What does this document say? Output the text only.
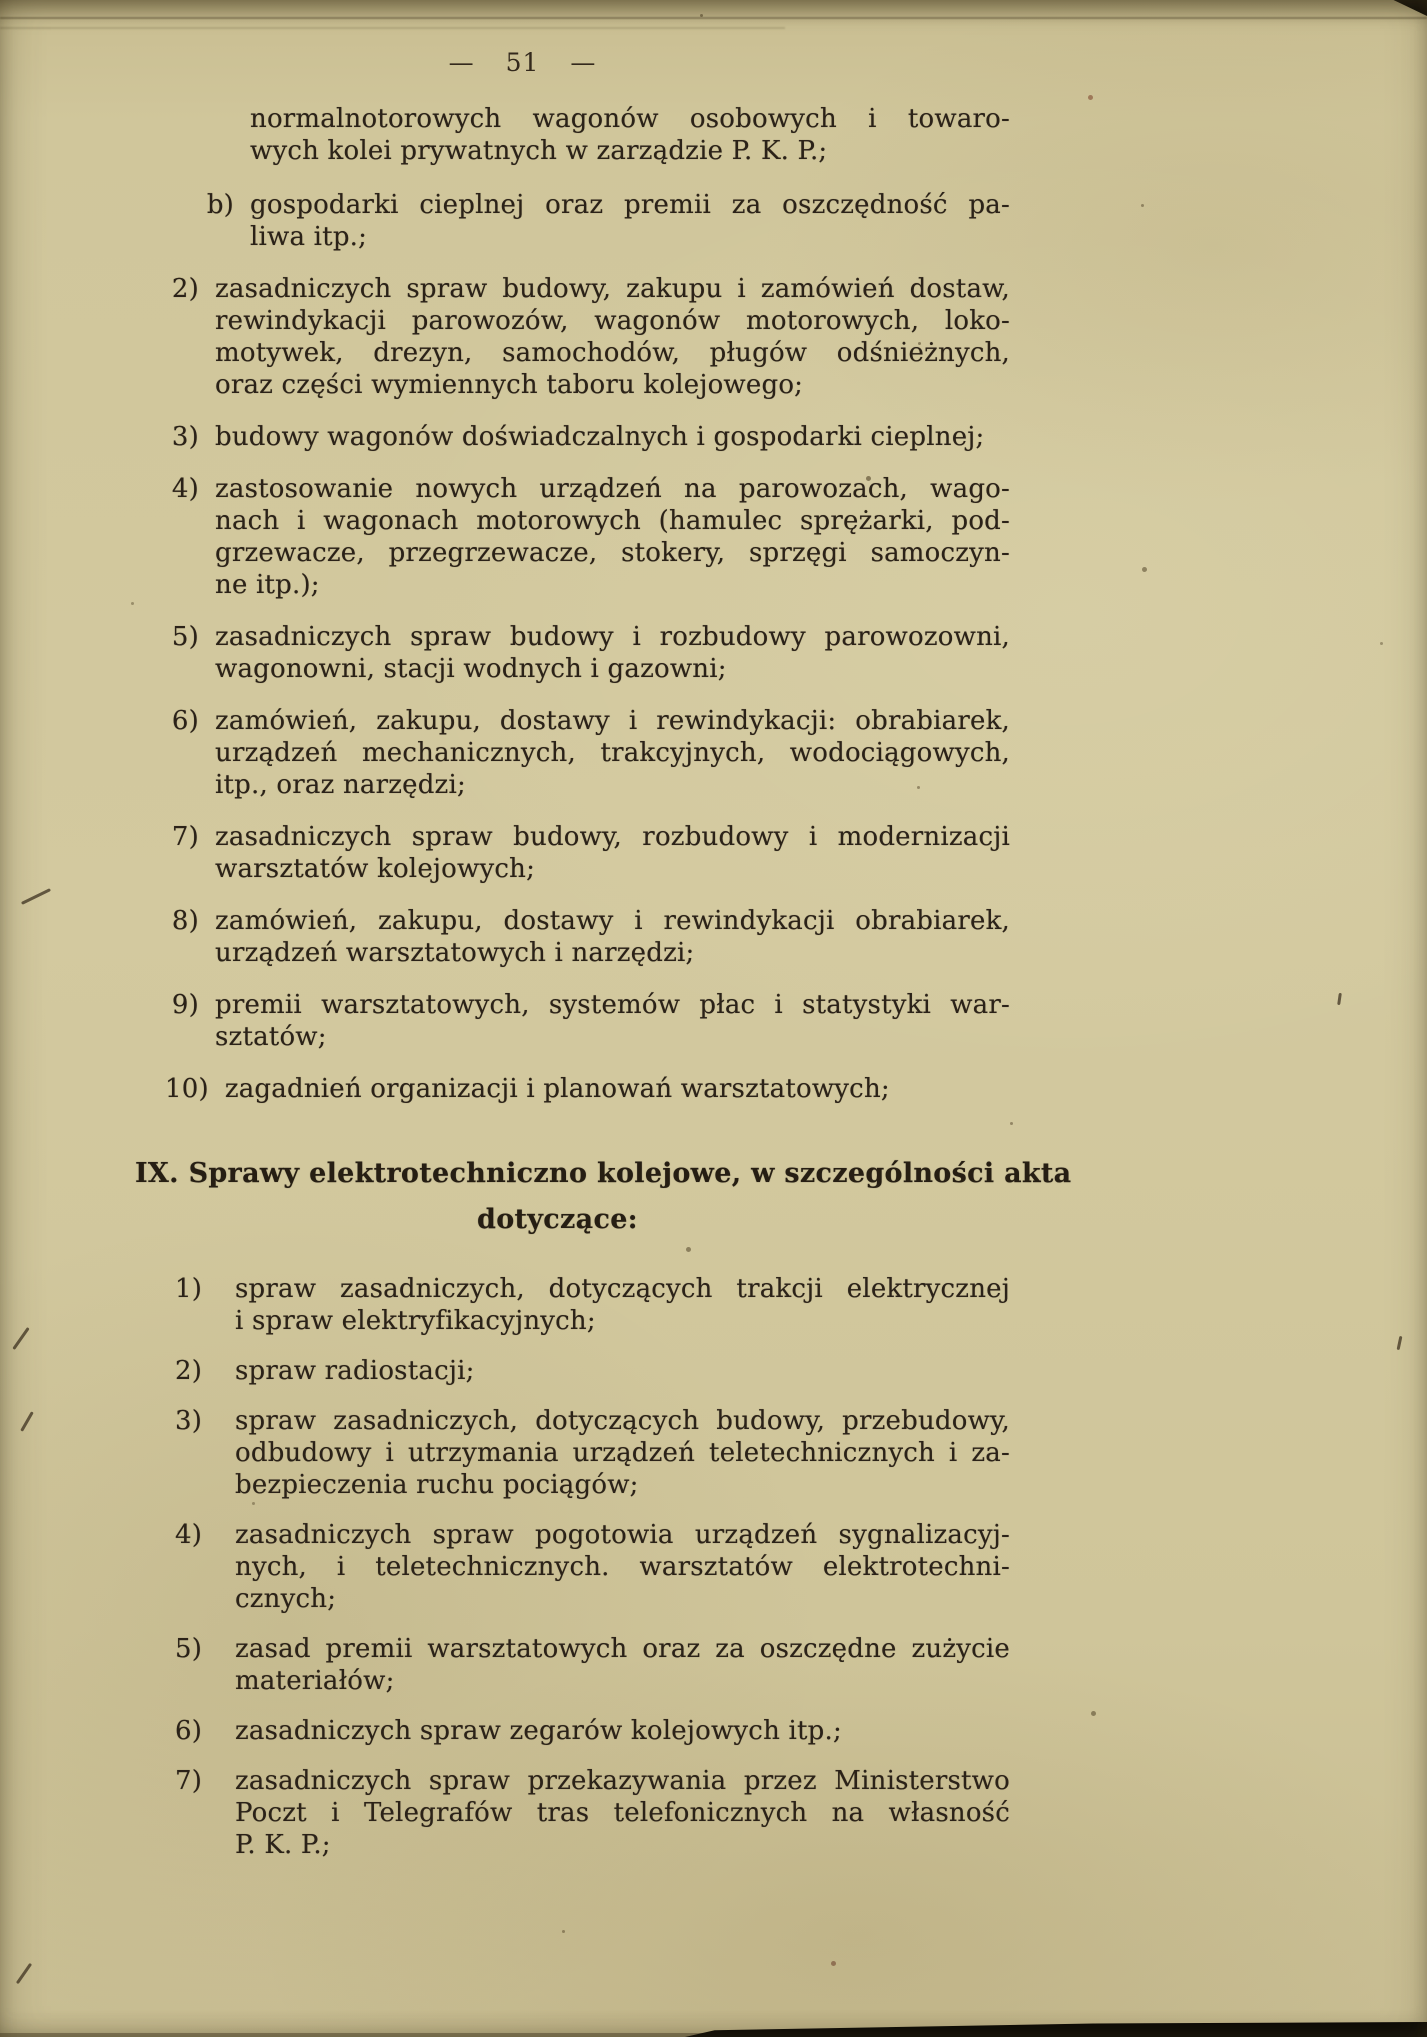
— 51 —
normalnotorowych wagonów osobowych i towaro-
wych kolei prywatnych w zarządzie P. K. P.;
b) gospodarki cieplnej oraz premii za oszczędność pa-
liwa itp.;
2) zasadniczych spraw budowy, zakupu i zamówień dostaw,
rewindykacji parowozów, wagonów motorowych, loko-
motywek, drezyn, samochodów, pługów odśnieżnych,
oraz części wymiennych taboru kolejowego;
3) budowy wagonów doświadczalnych i gospodarki cieplnej;
4) zastosowanie nowych urządzeń na parowozach, wago-
nach i wagonach motorowych (hamulec sprężarki, pod-
grzewacze, przegrzewacze, stokery, sprzęgi samoczyn-
ne itp.);
5) zasadniczych spraw budowy i rozbudowy parowozowni,
wagonowni, stacji wodnych i gazowni;
6) zamówień, zakupu, dostawy i rewindykacji: obrabiarek,
urządzeń mechanicznych, trakcyjnych, wodociągowych,
itp., oraz narzędzi;
7) zasadniczych spraw budowy, rozbudowy i modernizacji
warsztatów kolejowych;
8) zamówień, zakupu, dostawy i rewindykacji obrabiarek,
urządzeń warsztatowych i narzędzi;
9) premii warsztatowych, systemów płac i statystyki war-
sztatów;
10) zagadnień organizacji i planowań warsztatowych;
IX. Sprawy elektrotechniczno kolejowe, w szczególności akta
dotyczące:
1)	spraw zasadniczych, dotyczących trakcji elektrycznej
i spraw elektryfikacyjnych;
2)	spraw radiostacji;
3)	spraw zasadniczych, dotyczących budowy, przebudowy,
odbudowy i utrzymania urządzeń teletechnicznych i za-
bezpieczenia ruchu pociągów;
4)	zasadniczych spraw pogotowia urządzeń sygnalizacyj-
nych, i teletechnicznych. warsztatów elektrotechni-
cznych;
5)	zasad premii warsztatowych oraz za oszczędne zużycie
materiałów;
6)	zasadniczych spraw zegarów kolejowych itp.;
7)	zasadniczych spraw przekazywania przez Ministerstwo
Poczt i Telegrafów tras telefonicznych na własność
P. K. P.;
